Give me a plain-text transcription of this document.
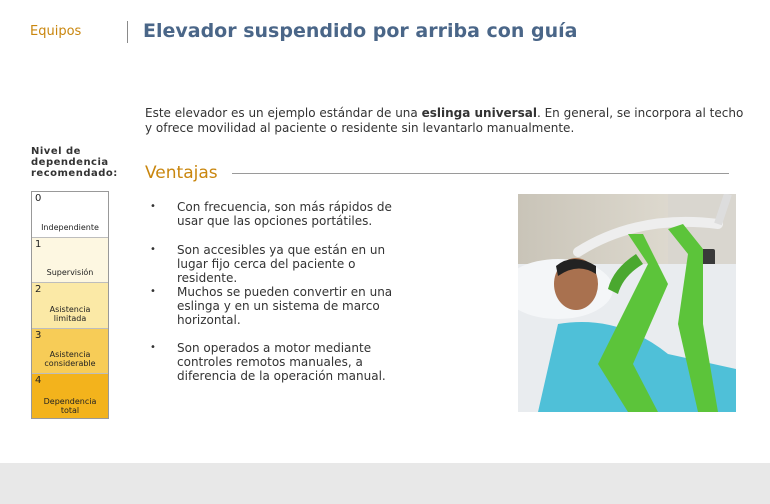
Equipos	Elevador suspendido por arriba con guía

Este elevador es un ejemplo estándar de una eslinga universal. En general, se incorpora al techo y ofrece movilidad al paciente o residente sin levantarlo manualmente.

Nivel de dependencia recomendado:
0
Independiente
1
Supervisión
2
Asistencia limitada
3
Asistencia considerable
4
Dependencia total
Ventajas
• Con frecuencia, son más rápidos de usar que las opciones portátiles.
• Son accesibles ya que están en un lugar fijo cerca del paciente o residente.
• Muchos se pueden convertir en una eslinga y en un sistema de marco horizontal.
• Son operados a motor mediante controles remotos manuales, a diferencia de la operación manual.
